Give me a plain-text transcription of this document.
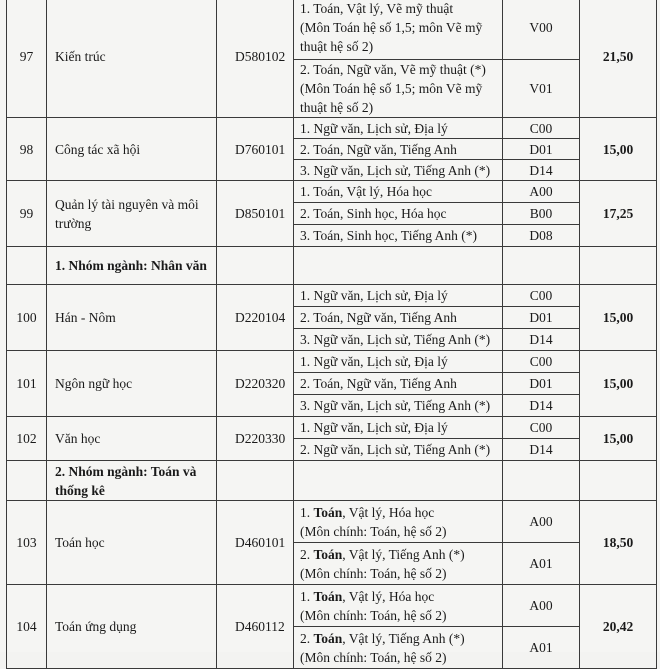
97	Kiến trúc	D580102	1. Toán, Vật lý, Vẽ mỹ thuật
(Môn Toán hệ số 1,5; môn Vẽ mỹ thuật hệ số 2)	V00	21,50

			2. Toán, Ngữ văn, Vẽ mỹ thuật (*)
(Môn Toán hệ số 1,5; môn Vẽ mỹ thuật hệ số 2)	V01	
98	Công tác xã hội	D760101	1. Ngữ văn, Lịch sử, Địa lý	C00	15,00
			2. Toán, Ngữ văn, Tiếng Anh	D01	
			3. Ngữ văn, Lịch sử, Tiếng Anh (*)	D14	
99	Quản lý tài nguyên và môi trường	D850101	1. Toán, Vật lý, Hóa học	A00	17,25
			2. Toán, Sinh học, Hóa học	B00	
			3. Toán, Sinh học, Tiếng Anh (*)	D08	
	1. Nhóm ngành: Nhân văn				
100	Hán - Nôm	D220104	1. Ngữ văn, Lịch sử, Địa lý	C00	15,00
			2. Toán, Ngữ văn, Tiếng Anh	D01	
			3. Ngữ văn, Lịch sử, Tiếng Anh (*)	D14	
101	Ngôn ngữ học	D220320	1. Ngữ văn, Lịch sử, Địa lý	C00	15,00
			2. Toán, Ngữ văn, Tiếng Anh	D01	
			3. Ngữ văn, Lịch sử, Tiếng Anh (*)	D14	
102	Văn học	D220330	1. Ngữ văn, Lịch sử, Địa lý	C00	15,00
			2. Ngữ văn, Lịch sử, Tiếng Anh (*)	D14	
	2. Nhóm ngành: Toán và thống kê				
103	Toán học	D460101	1. Toán, Vật lý, Hóa học
(Môn chính: Toán, hệ số 2)	A00	18,50

			2. Toán, Vật lý, Tiếng Anh (*)
(Môn chính: Toán, hệ số 2)	A01	
104	Toán ứng dụng	D460112	1. Toán, Vật lý, Hóa học
(Môn chính: Toán, hệ số 2)	A00	20,42

			2. Toán, Vật lý, Tiếng Anh (*)
(Môn chính: Toán, hệ số 2)	A01	
